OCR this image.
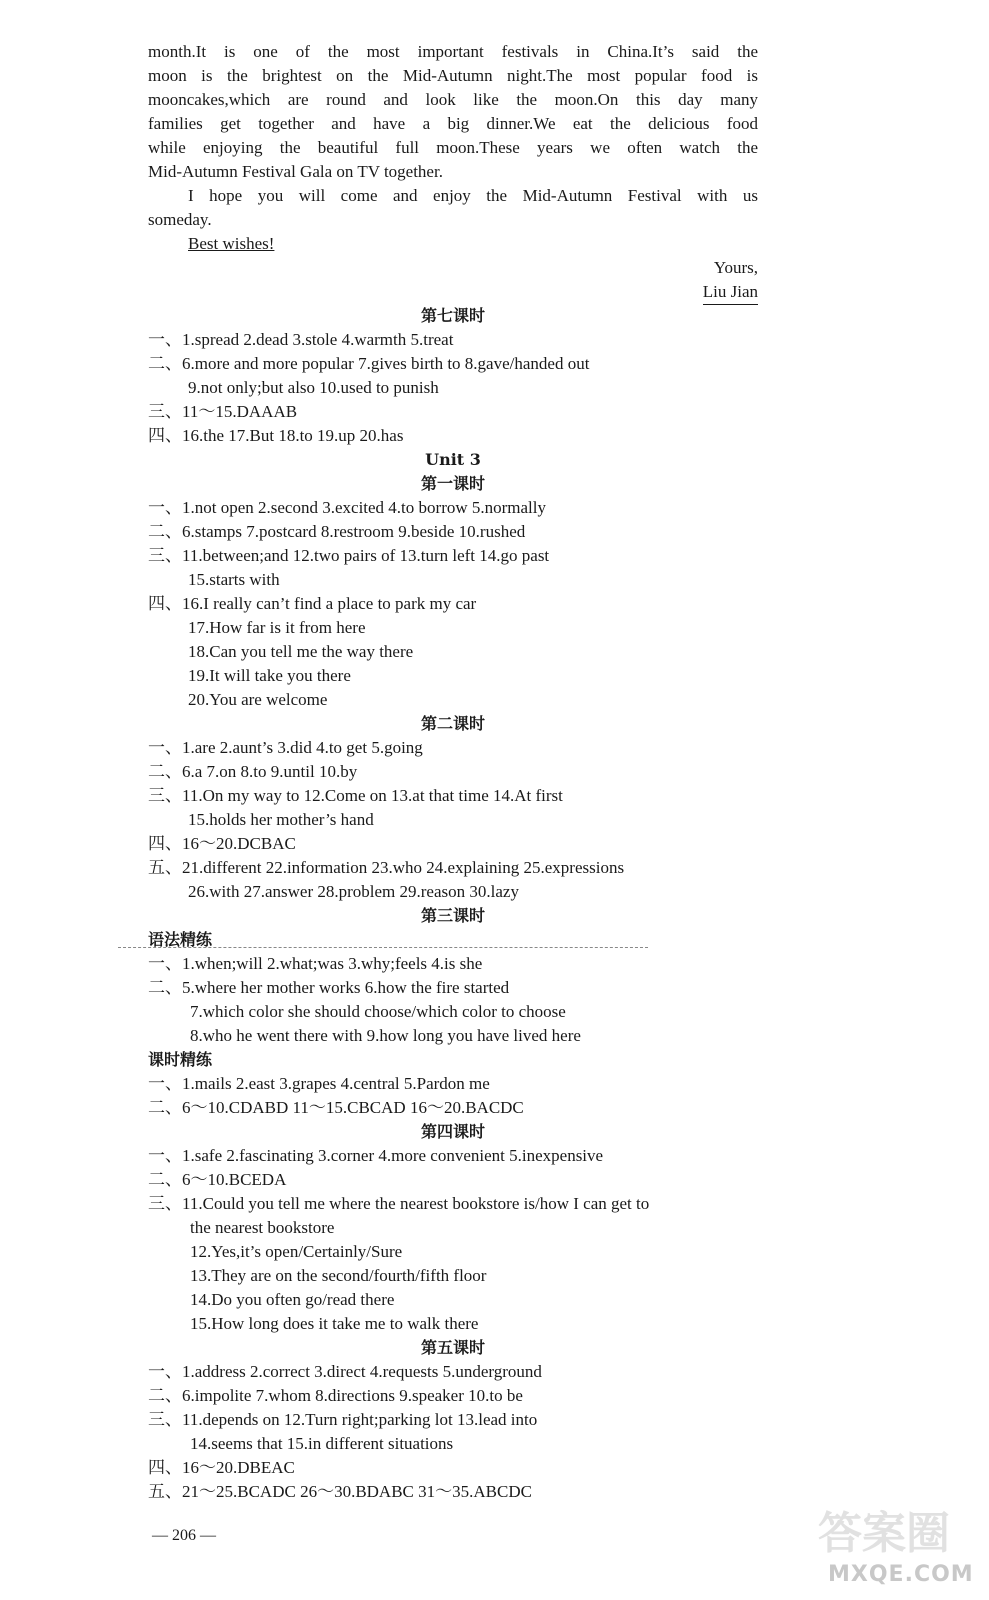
month.It is one of the most important festivals in China.It’s said the
moon is the brightest on the Mid-Autumn night.The most popular food is
mooncakes,which are round and look like the moon.On this day many
families get together and have a big dinner.We eat the delicious food
while enjoying the beautiful full moon.These years we often watch the
Mid-Autumn Festival Gala on TV together.
I hope you will come and enjoy the Mid-Autumn Festival with us
someday.
Best wishes!
Yours,
Liu Jian
第七课时
一、1.spread 2.dead 3.stole 4.warmth 5.treat
二、6.more and more popular 7.gives birth to 8.gave/handed out
9.not only;but also 10.used to punish
三、11～15.DAAAB
四、16.the 17.But 18.to 19.up 20.has
Unit 3
第一课时
一、1.not open 2.second 3.excited 4.to borrow 5.normally
二、6.stamps 7.postcard 8.restroom 9.beside 10.rushed
三、11.between;and 12.two pairs of 13.turn left 14.go past
15.starts with
四、16.I really can’t find a place to park my car
17.How far is it from here
18.Can you tell me the way there
19.It will take you there
20.You are welcome
第二课时
一、1.are 2.aunt’s 3.did 4.to get 5.going
二、6.a 7.on 8.to 9.until 10.by
三、11.On my way to 12.Come on 13.at that time 14.At first
15.holds her mother’s hand
四、16～20.DCBAC
五、21.different 22.information 23.who 24.explaining 25.expressions
26.with 27.answer 28.problem 29.reason 30.lazy
第三课时
语法精练
一、1.when;will 2.what;was 3.why;feels 4.is she
二、5.where her mother works 6.how the fire started
7.which color she should choose/which color to choose
8.who he went there with 9.how long you have lived here
课时精练
一、1.mails 2.east 3.grapes 4.central 5.Pardon me
二、6～10.CDABD 11～15.CBCAD 16～20.BACDC
第四课时
一、1.safe 2.fascinating 3.corner 4.more convenient 5.inexpensive
二、6～10.BCEDA
三、11.Could you tell me where the nearest bookstore is/how I can get to
the nearest bookstore
12.Yes,it’s open/Certainly/Sure
13.They are on the second/fourth/fifth floor
14.Do you often go/read there
15.How long does it take me to walk there
第五课时
一、1.address 2.correct 3.direct 4.requests 5.underground
二、6.impolite 7.whom 8.directions 9.speaker 10.to be
三、11.depends on 12.Turn right;parking lot 13.lead into
14.seems that 15.in different situations
四、16～20.DBEAC
五、21～25.BCADC 26～30.BDABC 31～35.ABCDC
— 206 —	答案圈
MXQE.COM
